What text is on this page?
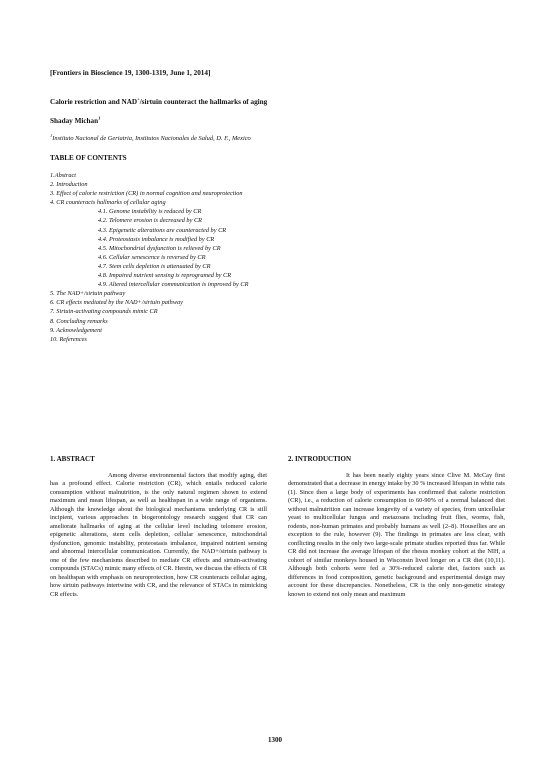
[Frontiers in Bioscience 19, 1300-1319, June 1, 2014]
Calorie restriction and NAD+/sirtuin counteract the hallmarks of aging
Shaday Michan$^1$
$^1$Instituto Nacional de Geriatria, Institutos Nacionales de Salud, D. F., Mexico
TABLE OF CONTENTS
1.Abstract
2. Introduction
3. Effect of calorie restriction (CR) in normal cognition and neuroprotection
4. CR counteracts hallmarks of cellular aging
4.1. Genome instability is reduced by CR
4.2. Telomere erosion is decreased by CR
4.3. Epigenetic alterations are counteracted by CR
4.4. Proteostasis imbalance is modified by CR
4.5. Mitochondrial dysfunction is relieved by CR
4.6. Cellular senescence is reversed by CR
4.7. Stem cells depletion is attenuated by CR
4.8. Impaired nutrient sensing is reprogramed by CR
4.9. Altered intercellular communication is improved by CR
5. The NAD+/sirtuin pathway
6. CR effects mediated by the NAD+/sirtuin pathway
7. Sirtuin-activating compounds mimic CR
8. Concluding remarks
9. Acknowledgement
10. References
1. ABSTRACT

Among diverse environmental factors that modify aging, diet has a profound effect. Calorie restriction (CR), which entails reduced calorie consumption without malnutrition, is the only natural regimen shown to extend maximum and mean lifespan, as well as healthspan in a wide range of organisms. Although the knowledge about the biological mechanisms underlying CR is still incipient, various approaches in biogerontology research suggest that CR can ameliorate hallmarks of aging at the cellular level including telomere erosion, epigenetic alterations, stem cells depletion, cellular senescence, mitochondrial dysfunction, genomic instability, proteostasis imbalance, impaired nutrient sensing and abnormal intercellular communication. Currently, the NAD+/sirtuin pathway is one of the few mechanisms described to mediate CR effects and sirtuin-activating compounds (STACs) mimic many effects of CR. Herein, we discuss the effects of CR on healthspan with emphasis on neuroprotection, how CR counteracts cellular aging, how sirtuin pathways intertwine with CR, and the relevance of STACs in mimicking CR effects.

2. INTRODUCTION

It has been nearly eighty years since Clive M. McCay first demonstrated that a decrease in energy intake by 30 % increased lifespan in white rats (1). Since then a large body of experiments has confirmed that calorie restriction (CR), i.e., a reduction of calorie consumption to 60-90% of a normal balanced diet without malnutrition can increase longevity of a variety of species, from unicellular yeast to multicellular fungus and metazoans including fruit flies, worms, fish, rodents, non-human primates and probably humans as well (2–8). Houseflies are an exception to the rule, however (9). The findings in primates are less clear, with conflicting results in the only two large-scale primate studies reported thus far. While CR did not increase the average lifespan of the rhesus monkey cohort at the NIH, a cohort of similar monkeys housed in Wisconsin lived longer on a CR diet (10,11). Although both cohorts were fed a 30%-reduced calorie diet, factors such as differences in food composition, genetic background and experimental design may account for these discrepancies. Nonetheless, CR is the only non-genetic strategy known to extend not only mean and maximum

1300
